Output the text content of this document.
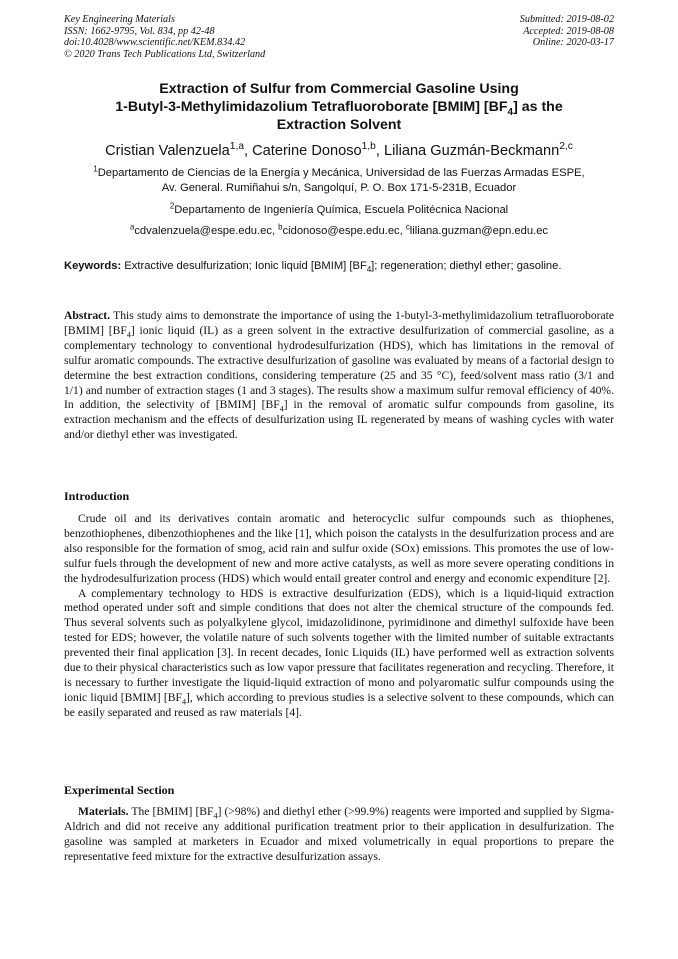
Key Engineering Materials
ISSN: 1662-9795, Vol. 834, pp 42-48
doi:10.4028/www.scientific.net/KEM.834.42
© 2020 Trans Tech Publications Ltd, Switzerland
Submitted: 2019-08-02
Accepted: 2019-08-08
Online: 2020-03-17
Extraction of Sulfur from Commercial Gasoline Using
1-Butyl-3-Methylimidazolium Tetrafluoroborate [BMIM] $[BF_4]$ as the
Extraction Solvent
Cristian Valenzuela$^{1,a}$, Caterine Donoso$^{1,b}$, Liliana Guzmán-Beckmann$^{2,c}$
$^1$Departamento de Ciencias de la Energía y Mecánica, Universidad de las Fuerzas Armadas ESPE,
Av. General. Rumiñahui s/n, Sangolquí, P. O. Box 171-5-231B, Ecuador
$^2$Departamento de Ingeniería Química, Escuela Politécnica Nacional
$^a$cdvalenzuela@espe.edu.ec, $^b$cidonoso@espe.edu.ec, $^c$liliana.guzman@epn.edu.ec
Keywords: Extractive desulfurization; Ionic liquid [BMIM] $[BF_4]$; regeneration; diethyl ether; gasoline.
Abstract. This study aims to demonstrate the importance of using the 1-butyl-3-methylimidazolium tetrafluoroborate [BMIM] $[BF_4]$ ionic liquid (IL) as a green solvent in the extractive desulfurization of commercial gasoline, as a complementary technology to conventional hydrodesulfurization (HDS), which has limitations in the removal of sulfur aromatic compounds. The extractive desulfurization of gasoline was evaluated by means of a factorial design to determine the best extraction conditions, considering temperature (25 and 35 °C), feed/solvent mass ratio (3/1 and 1/1) and number of extraction stages (1 and 3 stages). The results show a maximum sulfur removal efficiency of 40%. In addition, the selectivity of [BMIM] $[BF_4]$ in the removal of aromatic sulfur compounds from gasoline, its extraction mechanism and the effects of desulfurization using IL regenerated by means of washing cycles with water and/or diethyl ether was investigated.
Introduction

Crude oil and its derivatives contain aromatic and heterocyclic sulfur compounds such as thiophenes, benzothiophenes, dibenzothiophenes and the like [1], which poison the catalysts in the desulfurization process and are also responsible for the formation of smog, acid rain and sulfur oxide (SOx) emissions. This promotes the use of low-sulfur fuels through the development of new and more active catalysts, as well as more severe operating conditions in the hydrodesulfurization process (HDS) which would entail greater control and energy and economic expenditure [2].

A complementary technology to HDS is extractive desulfurization (EDS), which is a liquid-liquid extraction method operated under soft and simple conditions that does not alter the chemical structure of the compounds fed. Thus several solvents such as polyalkylene glycol, imidazolidinone, pyrimidinone and dimethyl sulfoxide have been tested for EDS; however, the volatile nature of such solvents together with the limited number of suitable extractants prevented their final application [3]. In recent decades, Ionic Liquids (IL) have performed well as extraction solvents due to their physical characteristics such as low vapor pressure that facilitates regeneration and recycling. Therefore, it is necessary to further investigate the liquid-liquid extraction of mono and polyaromatic sulfur compounds using the ionic liquid [BMIM] $[BF_4]$, which according to previous studies is a selective solvent to these compounds, which can be easily separated and reused as raw materials [4].

Experimental Section

Materials. The [BMIM] $[BF_4]$ (>98%) and diethyl ether (>99.9%) reagents were imported and supplied by Sigma-Aldrich and did not receive any additional purification treatment prior to their application in desulfurization. The gasoline was sampled at marketers in Ecuador and mixed volumetrically in equal proportions to prepare the representative feed mixture for the extractive desulfurization assays.
